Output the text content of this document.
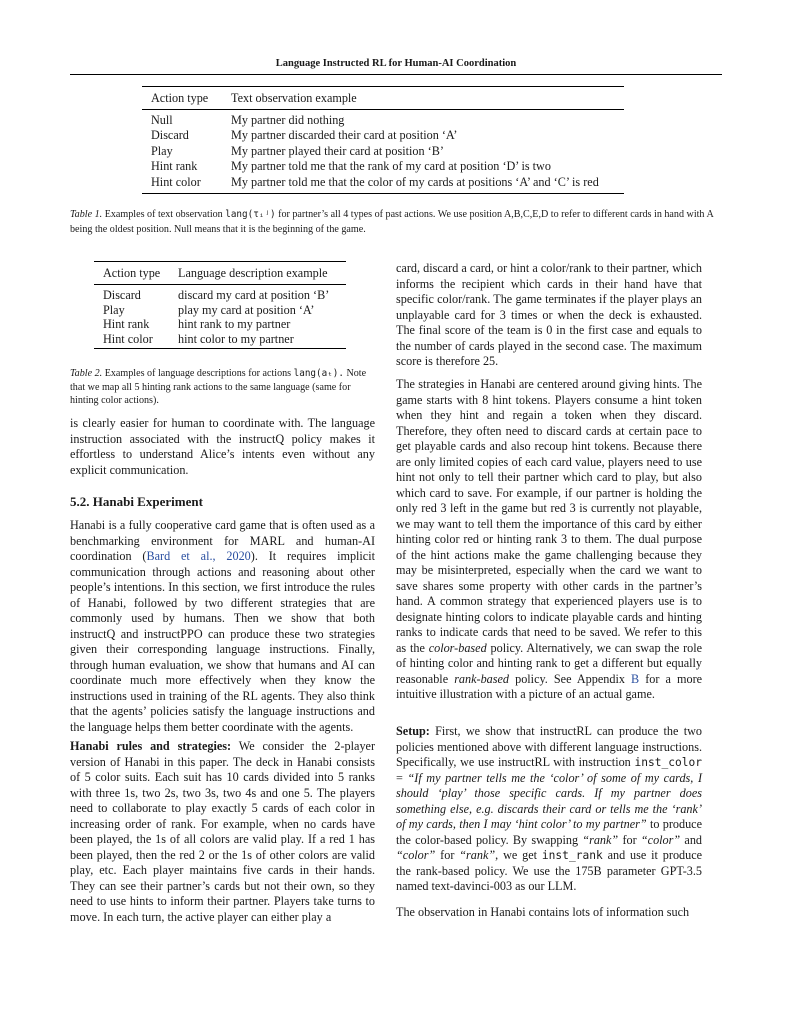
Language Instructed RL for Human-AI Coordination
Action type	Text observation example
Null	My partner did nothing
Discard	My partner discarded their card at position ‘A’
Play	My partner played their card at position ‘B’
Hint rank	My partner told me that the rank of my card at position ‘D’ is two
Hint color	My partner told me that the color of my cards at positions ‘A’ and ‘C’ is red
Table 1. Examples of text observation lang(τᵢʲ) for partner’s all 4 types of past actions. We use position A,B,C,E,D to refer to different cards in hand with A being the oldest position. Null means that it is the beginning of the game.
Action type	Language description example
Discard	discard my card at position ‘B’
Play	play my card at position ‘A’
Hint rank	hint rank to my partner
Hint color	hint color to my partner
Table 2. Examples of language descriptions for actions lang(aₜ). Note that we map all 5 hinting rank actions to the same language (same for hinting color actions).

is clearly easier for human to coordinate with. The language instruction associated with the instructQ policy makes it effortless to understand Alice’s intents even without any explicit communication.

5.2. Hanabi Experiment

Hanabi is a fully cooperative card game that is often used as a benchmarking environment for MARL and human-AI coordination (Bard et al., 2020). It requires implicit communication through actions and reasoning about other people’s intentions. In this section, we first introduce the rules of Hanabi, followed by two different strategies that are commonly used by humans. Then we show that both instructQ and instructPPO can produce these two strategies given their corresponding language instructions. Finally, through human evaluation, we show that humans and AI can coordinate much more effectively when they know the instructions used in training of the RL agents. They also think that the agents’ policies satisfy the language instructions and the language helps them better coordinate with the agents.

Hanabi rules and strategies: We consider the 2-player version of Hanabi in this paper. The deck in Hanabi consists of 5 color suits. Each suit has 10 cards divided into 5 ranks with three 1s, two 2s, two 3s, two 4s and one 5. The players need to collaborate to play exactly 5 cards of each color in increasing order of rank. For example, when no cards have been played, the 1s of all colors are valid play. If a red 1 has been played, then the red 2 or the 1s of other colors are valid play, etc. Each player maintains five cards in their hands. They can see their partner’s cards but not their own, so they need to use hints to inform their partner. Players take turns to move. In each turn, the active player can either play a

card, discard a card, or hint a color/rank to their partner, which informs the recipient which cards in their hand have that specific color/rank. The game terminates if the player plays an unplayable card for 3 times or when the deck is exhausted. The final score of the team is 0 in the first case and equals to the number of cards played in the second case. The maximum score is therefore 25.

The strategies in Hanabi are centered around giving hints. The game starts with 8 hint tokens. Players consume a hint token when they hint and regain a token when they discard. Therefore, they often need to discard cards at certain pace to get playable cards and also recoup hint tokens. Because there are only limited copies of each card value, players need to use hint not only to tell their partner which card to play, but also which card to save. For example, if our partner is holding the only red 3 left in the game but red 3 is currently not playable, we may want to tell them the importance of this card by either hinting color red or hinting rank 3 to them. The dual purpose of the hint actions make the game challenging because they may be misinterpreted, especially when the card we want to save shares some property with other cards in the partner’s hand. A common strategy that experienced players use is to designate hinting colors to indicate playable cards and hinting ranks to indicate cards that need to be saved. We refer to this as the color-based policy. Alternatively, we can swap the role of hinting color and hinting rank to get a different but equally reasonable rank-based policy. See Appendix B for a more intuitive illustration with a picture of an actual game.

Setup: First, we show that instructRL can produce the two policies mentioned above with different language instructions. Specifically, we use instructRL with instruction inst_color = “If my partner tells me the ‘color’ of some of my cards, I should ‘play’ those specific cards. If my partner does something else, e.g. discards their card or tells me the ‘rank’ of my cards, then I may ‘hint color’ to my partner” to produce the color-based policy. By swapping “rank” for “color” and “color” for “rank”, we get inst_rank and use it produce the rank-based policy. We use the 175B parameter GPT-3.5 named text-davinci-003 as our LLM.

The observation in Hanabi contains lots of information such
